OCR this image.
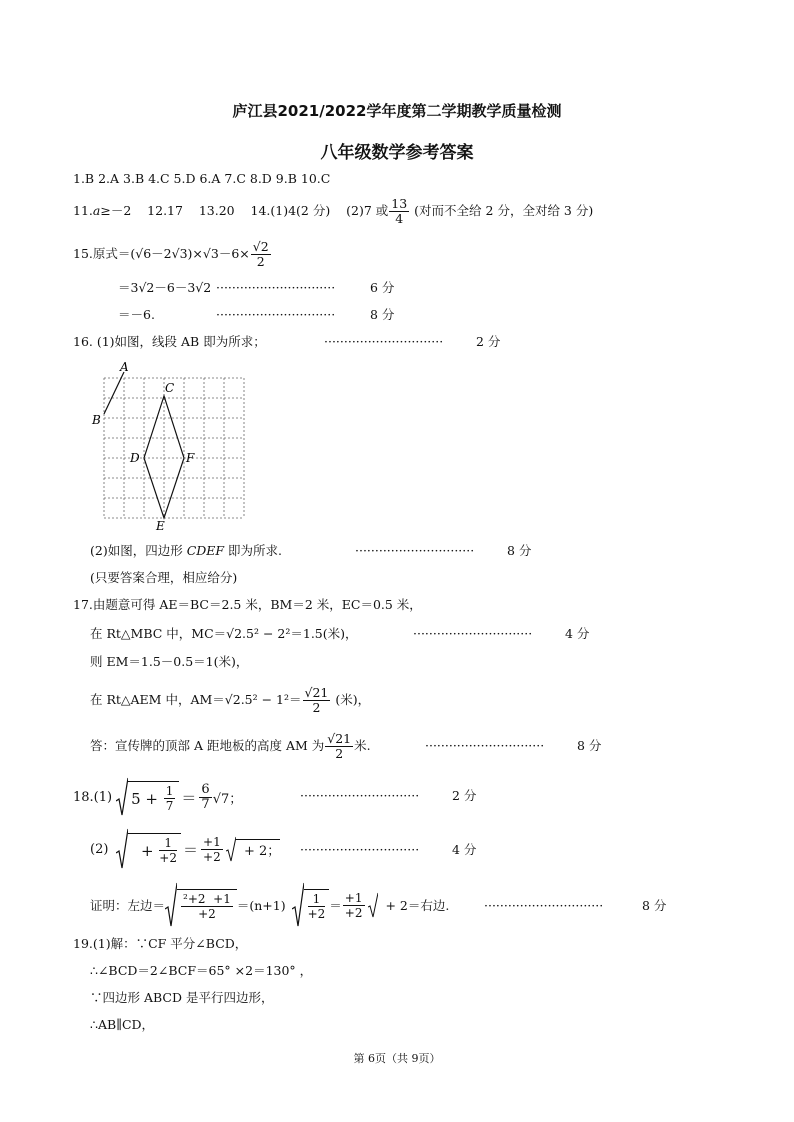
庐江县2021/2022学年度第二学期教学质量检测
八年级数学参考答案
1.B 2.A 3.B 4.C 5.D 6.A 7.C 8.D 9.B 10.C
11. a ≥－2    12.17    13.20    14.(1)4(2 分)    (2)7 或 $\frac{13}{4}$ (对而不全给 2 分，全对给 3 分)
15.原式$=(√6-2√3)\times√3-6\times \frac{√2}{2}$
＝3√2－6－3√2 ······························	6 分
＝－6.	······························	8 分
16. (1)如图，线段 AB 即为所求；	······························	2 分
A
B
C
D
E
F
(2)如图，四边形 CDEF 即为所求.	······························	8 分
(只要答案合理，相应给分)
17.由题意可得 AE＝BC＝2.5 米，BM＝2 米，EC＝0.5 米，
在 Rt△MBC 中，MC＝√2.5² − 2²＝1.5(米)，	······························	4 分
则 EM＝1.5－0.5＝1(米)，
在 Rt△AEM 中，$AM=√2.5^2 - 1^2= \frac{√21}{2}$ (米)，
答：宣传牌的顶部 A 距地板的高度 AM 为 $\frac{√21}{2}$ 米.	······························	8 分
18.(1) $5 + \frac{1}{7} = \frac{6}{7} √7$；	······························	2 分
$(2) + \frac{1}{+2} = \frac{+1}{+2} + 2$； ······························	4 分
证明：左边＝ $\frac{\text{²+2  +1}}{+2} =(n+1) \frac{1}{+2} = \frac{+1}{+2} + 2=$右边.	······························	8 分
19.(1)解：∵CF 平分∠BCD，
∴∠BCD＝2∠BCF＝65° ×2＝130° ，
∵四边形 ABCD 是平行四边形，
∴AB∥CD，
第 6页（共 9页）
